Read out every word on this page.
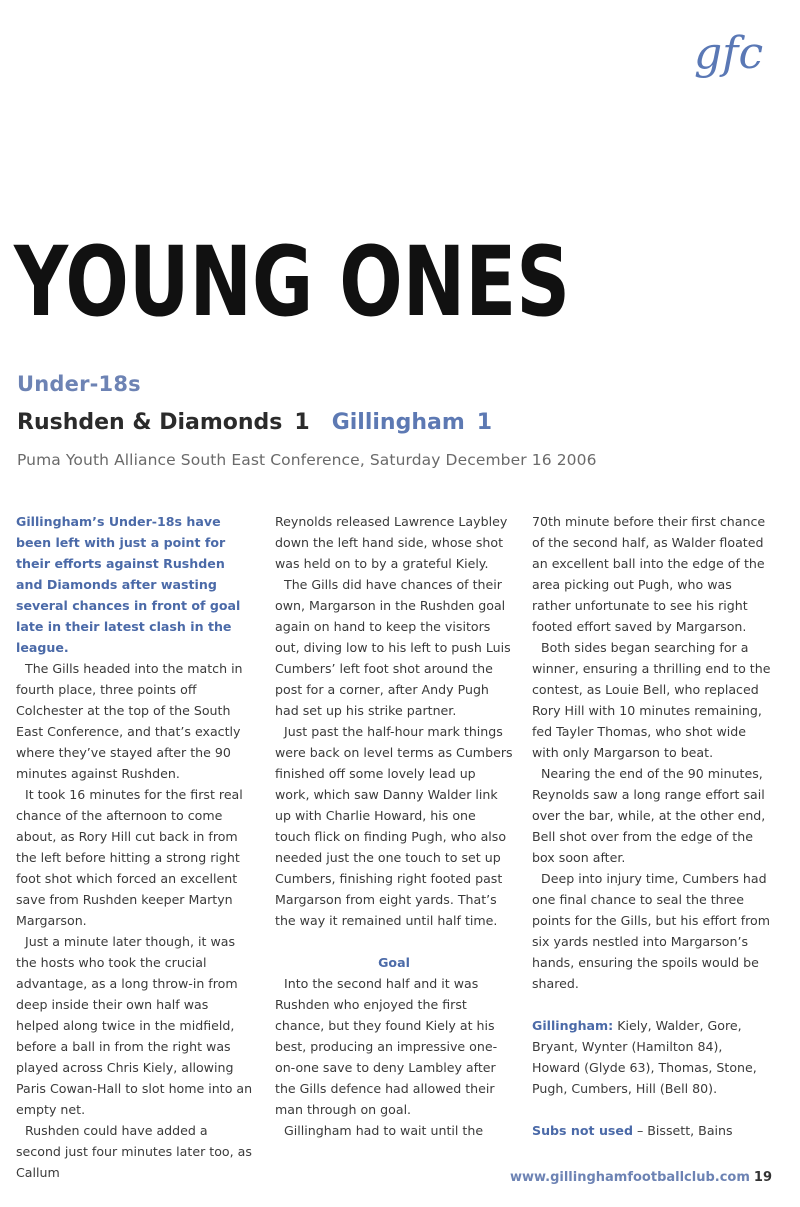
gfc
YOUNG ONES
Under-18s
Rushden & Diamonds 1 Gillingham 1
Puma Youth Alliance South East Conference, Saturday December 16 2006

Gillingham’s Under-18s have been left with just a point for their efforts against Rushden and Diamonds after wasting several chances in front of goal late in their latest clash in the league.

The Gills headed into the match in fourth place, three points off Colchester at the top of the South East Conference, and that’s exactly where they’ve stayed after the 90 minutes against Rushden.

It took 16 minutes for the first real chance of the afternoon to come about, as Rory Hill cut back in from the left before hitting a strong right foot shot which forced an excellent save from Rushden keeper Martyn Margarson.

Just a minute later though, it was the hosts who took the crucial advantage, as a long throw-in from deep inside their own half was helped along twice in the midfield, before a ball in from the right was played across Chris Kiely, allowing Paris Cowan-Hall to slot home into an empty net.

Rushden could have added a second just four minutes later too, as Callum

Reynolds released Lawrence Laybley down the left hand side, whose shot was held on to by a grateful Kiely.

The Gills did have chances of their own, Margarson in the Rushden goal again on hand to keep the visitors out, diving low to his left to push Luis Cumbers’ left foot shot around the post for a corner, after Andy Pugh had set up his strike partner.

Just past the half-hour mark things were back on level terms as Cumbers finished off some lovely lead up work, which saw Danny Walder link up with Charlie Howard, his one touch flick on finding Pugh, who also needed just the one touch to set up Cumbers, finishing right footed past Margarson from eight yards. That’s the way it remained until half time.

Goal

Into the second half and it was Rushden who enjoyed the first chance, but they found Kiely at his best, producing an impressive one-on-one save to deny Lambley after the Gills defence had allowed their man through on goal.

Gillingham had to wait until the

70th minute before their first chance of the second half, as Walder floated an excellent ball into the edge of the area picking out Pugh, who was rather unfortunate to see his right footed effort saved by Margarson.

Both sides began searching for a winner, ensuring a thrilling end to the contest, as Louie Bell, who replaced Rory Hill with 10 minutes remaining, fed Tayler Thomas, who shot wide with only Margarson to beat.

Nearing the end of the 90 minutes, Reynolds saw a long range effort sail over the bar, while, at the other end, Bell shot over from the edge of the box soon after.

Deep into injury time, Cumbers had one final chance to seal the three points for the Gills, but his effort from six yards nestled into Margarson’s hands, ensuring the spoils would be shared.

Gillingham: Kiely, Walder, Gore, Bryant, Wynter (Hamilton 84), Howard (Glyde 63), Thomas, Stone, Pugh, Cumbers, Hill (Bell 80).

Subs not used – Bissett, Bains

www.gillinghamfootballclub.com 19
